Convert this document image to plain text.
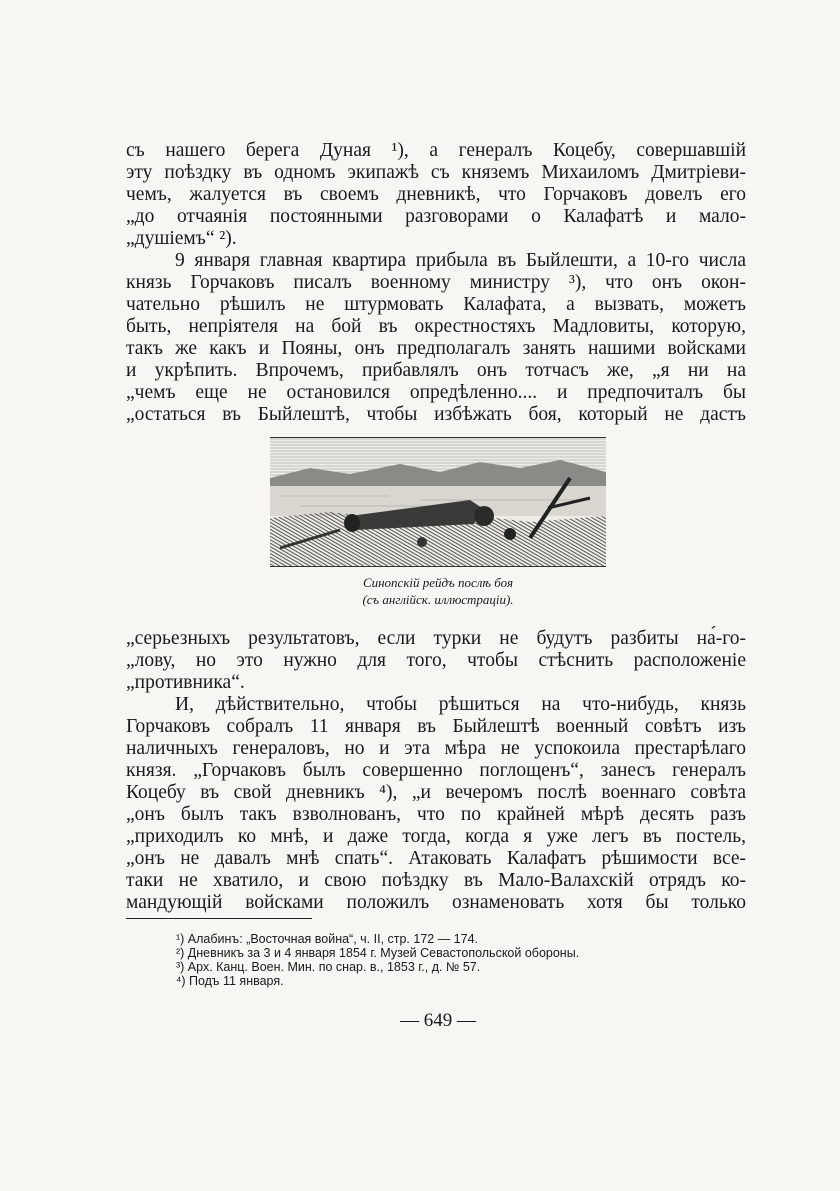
съ нашего берега Дуная ¹), а генералъ Коцебу, совершавшій
эту поѣздку въ одномъ экипажѣ съ княземъ Михаиломъ Дмитріеви-
чемъ, жалуется въ своемъ дневникѣ, что Горчаковъ довелъ его
„до отчаянія постоянными разговорами о Калафатѣ и мало-
„душіемъ“ ²).
9 января главная квартира прибыла въ Быйлешти, а 10-го числа
князь Горчаковъ писалъ военному министру ³), что онъ окон-
чательно рѣшилъ не штурмовать Калафата, а вызвать, можетъ
быть, непріятеля на бой въ окрестностяхъ Мадловиты, которую,
такъ же какъ и Пояны, онъ предполагалъ занять нашими войсками
и укрѣпить. Впрочемъ, прибавлялъ онъ тотчасъ же, „я ни на
„чемъ еще не остановился опредѣленно.... и предпочиталъ бы
„остаться въ Быйлештѣ, чтобы избѣжать боя, который не дастъ
Синопскій рейдъ послѣ боя
(съ англійск. иллюстраціи).
„серьезныхъ результатовъ, если турки не будутъ разбиты на́-го-
„лову, но это нужно для того, чтобы стѣснить расположеніе
„противника“.
И, дѣйствительно, чтобы рѣшиться на что-нибудь, князь
Горчаковъ собралъ 11 января въ Быйлештѣ военный совѣтъ изъ
наличныхъ генераловъ, но и эта мѣра не успокоила престарѣлаго
князя. „Горчаковъ былъ совершенно поглощенъ“, занесъ генералъ
Коцебу въ свой дневникъ ⁴), „и вечеромъ послѣ военнаго совѣта
„онъ былъ такъ взволнованъ, что по крайней мѣрѣ десять разъ
„приходилъ ко мнѣ, и даже тогда, когда я уже легъ въ постель,
„онъ не давалъ мнѣ спать“. Атаковать Калафатъ рѣшимости все-
таки не хватило, и свою поѣздку въ Мало-Валахскій отрядъ ко-
мандующій войсками положилъ ознаменовать хотя бы только
¹) Алабинъ: „Восточная война“, ч. II, стр. 172 — 174.
²) Дневникъ за 3 и 4 января 1854 г. Музей Севастопольской обороны.
³) Арх. Канц. Воен. Мин. по снар. в., 1853 г., д. № 57.
⁴) Подъ 11 января.
— 649 —
